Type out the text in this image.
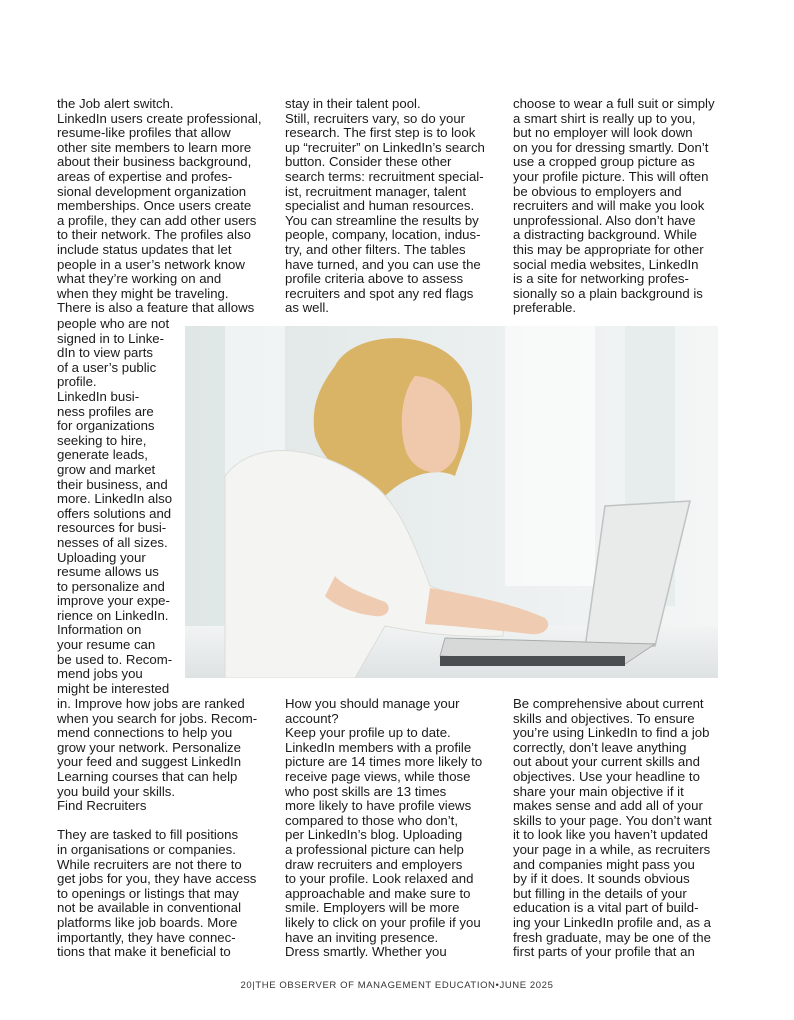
the Job alert switch.
LinkedIn users create professional,
resume-like profiles that allow
other site members to learn more
about their business background,
areas of expertise and profes-
sional development organization
memberships. Once users create
a profile, they can add other users
to their network. The profiles also
include status updates that let
people in a user’s network know
what they’re working on and
when they might be traveling.
There is also a feature that allows
people who are not
signed in to Linke-
dIn to view parts
of a user’s public
profile.
LinkedIn busi-
ness profiles are
for organizations
seeking to hire,
generate leads,
grow and market
their business, and
more. LinkedIn also
offers solutions and
resources for busi-
nesses of all sizes.
Uploading your
resume allows us
to personalize and
improve your expe-
rience on LinkedIn.
Information on
your resume can
be used to. Recom-
mend jobs you
might be interested
in. Improve how jobs are ranked
when you search for jobs. Recom-
mend connections to help you
grow your network. Personalize
your feed and suggest LinkedIn
Learning courses that can help
you build your skills.
Find Recruiters

They are tasked to fill positions
in organisations or companies.
While recruiters are not there to
get jobs for you, they have access
to openings or listings that may
not be available in conventional
platforms like job boards. More
importantly, they have connec-
tions that make it beneficial to
stay in their talent pool.
Still, recruiters vary, so do your
research. The first step is to look
up “recruiter” on LinkedIn’s search
button. Consider these other
search terms: recruitment special-
ist, recruitment manager, talent
specialist and human resources.
You can streamline the results by
people, company, location, indus-
try, and other filters. The tables
have turned, and you can use the
profile criteria above to assess
recruiters and spot any red flags
as well.
How you should manage your
account?
Keep your profile up to date.
LinkedIn members with a profile
picture are 14 times more likely to
receive page views, while those
who post skills are 13 times
more likely to have profile views
compared to those who don’t,
per LinkedIn’s blog. Uploading
a professional picture can help
draw recruiters and employers
to your profile. Look relaxed and
approachable and make sure to
smile. Employers will be more
likely to click on your profile if you
have an inviting presence.
Dress smartly. Whether you
choose to wear a full suit or simply
a smart shirt is really up to you,
but no employer will look down
on you for dressing smartly. Don’t
use a cropped group picture as
your profile picture. This will often
be obvious to employers and
recruiters and will make you look
unprofessional. Also don’t have
a distracting background. While
this may be appropriate for other
social media websites, LinkedIn
is a site for networking profes-
sionally so a plain background is
preferable.
Be comprehensive about current
skills and objectives. To ensure
you’re using LinkedIn to find a job
correctly, don’t leave anything
out about your current skills and
objectives. Use your headline to
share your main objective if it
makes sense and add all of your
skills to your page. You don’t want
it to look like you haven’t updated
your page in a while, as recruiters
and companies might pass you
by if it does. It sounds obvious
but filling in the details of your
education is a vital part of build-
ing your LinkedIn profile and, as a
fresh graduate, may be one of the
first parts of your profile that an
20|THE OBSERVER OF MANAGEMENT EDUCATION•JUNE 2025
